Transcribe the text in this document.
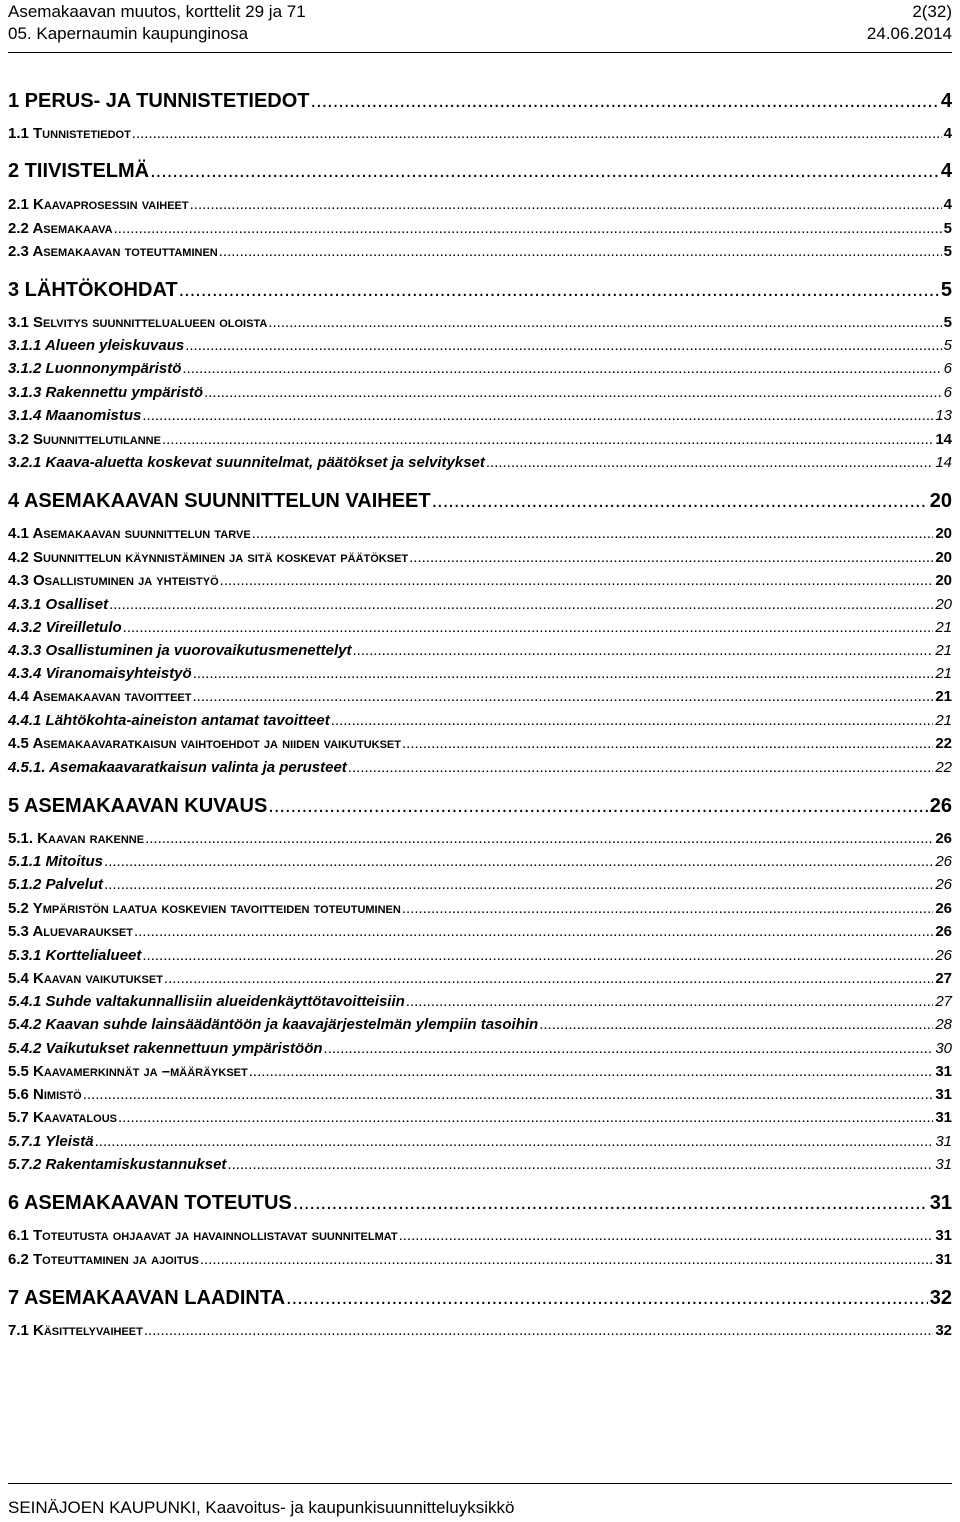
Asemakaavan muutos, korttelit 29 ja 71	2(32)
05. Kapernaumin kaupunginosa	24.06.2014
1 PERUS- JA TUNNISTETIEDOT .....	4
1.1 Tunnistetiedot .....	4
2 TIIVISTELMÄ .....	4
2.1 Kaavaprosessin vaiheet .....	4
2.2 Asemakaava .....	5
2.3 Asemakaavan toteuttaminen .....	5
3 LÄHTÖKOHDAT .....	5
3.1 Selvitys suunnittelualueen oloista .....	5
3.1.1 Alueen yleiskuvaus .....	5
3.1.2 Luonnonympäristö .....	6
3.1.3 Rakennettu ympäristö .....	6
3.1.4 Maanomistus .....	13
3.2 Suunnittelutilanne .....	14
3.2.1 Kaava-aluetta koskevat suunnitelmat, päätökset ja selvitykset .....	14
4 ASEMAKAAVAN SUUNNITTELUN VAIHEET .....	20
4.1 Asemakaavan suunnittelun tarve .....	20
4.2 Suunnittelun käynnistäminen ja sitä koskevat päätökset .....	20
4.3 Osallistuminen ja yhteistyö .....	20
4.3.1 Osalliset .....	20
4.3.2 Vireilletulo .....	21
4.3.3 Osallistuminen ja vuorovaikutusmenettelyt .....	21
4.3.4 Viranomaisyhteistyö .....	21
4.4 Asemakaavan tavoitteet .....	21
4.4.1 Lähtökohta-aineiston antamat tavoitteet .....	21
4.5 Asemakaavaratkaisun vaihtoehdot ja niiden vaikutukset .....	22
4.5.1. Asemakaavaratkaisun valinta ja perusteet .....	22
5 ASEMAKAAVAN KUVAUS .....	26
5.1. Kaavan rakenne .....	26
5.1.1 Mitoitus .....	26
5.1.2 Palvelut .....	26
5.2 Ympäristön laatua koskevien tavoitteiden toteutuminen .....	26
5.3 Aluevaraukset .....	26
5.3.1 Korttelialueet .....	26
5.4 Kaavan vaikutukset .....	27
5.4.1 Suhde valtakunnallisiin alueidenkäyttötavoitteisiin .....	27
5.4.2 Kaavan suhde lainsäädäntöön ja kaavajärjestelmän ylempiin tasoihin .....	28
5.4.2 Vaikutukset rakennettuun ympäristöön .....	30
5.5 Kaavamerkinnät ja –määräykset .....	31
5.6 Nimistö .....	31
5.7 Kaavatalous .....	31
5.7.1 Yleistä .....	31
5.7.2 Rakentamiskustannukset .....	31
6 ASEMAKAAVAN TOTEUTUS .....	31
6.1 Toteutusta ohjaavat ja havainnollistavat suunnitelmat .....	31
6.2 Toteuttaminen ja ajoitus .....	31
7 ASEMAKAAVAN LAADINTA .....	32
7.1 Käsittelyvaiheet .....	32
SEINÄJOEN KAUPUNKI, Kaavoitus- ja kaupunkisuunnitteluyksikkö
